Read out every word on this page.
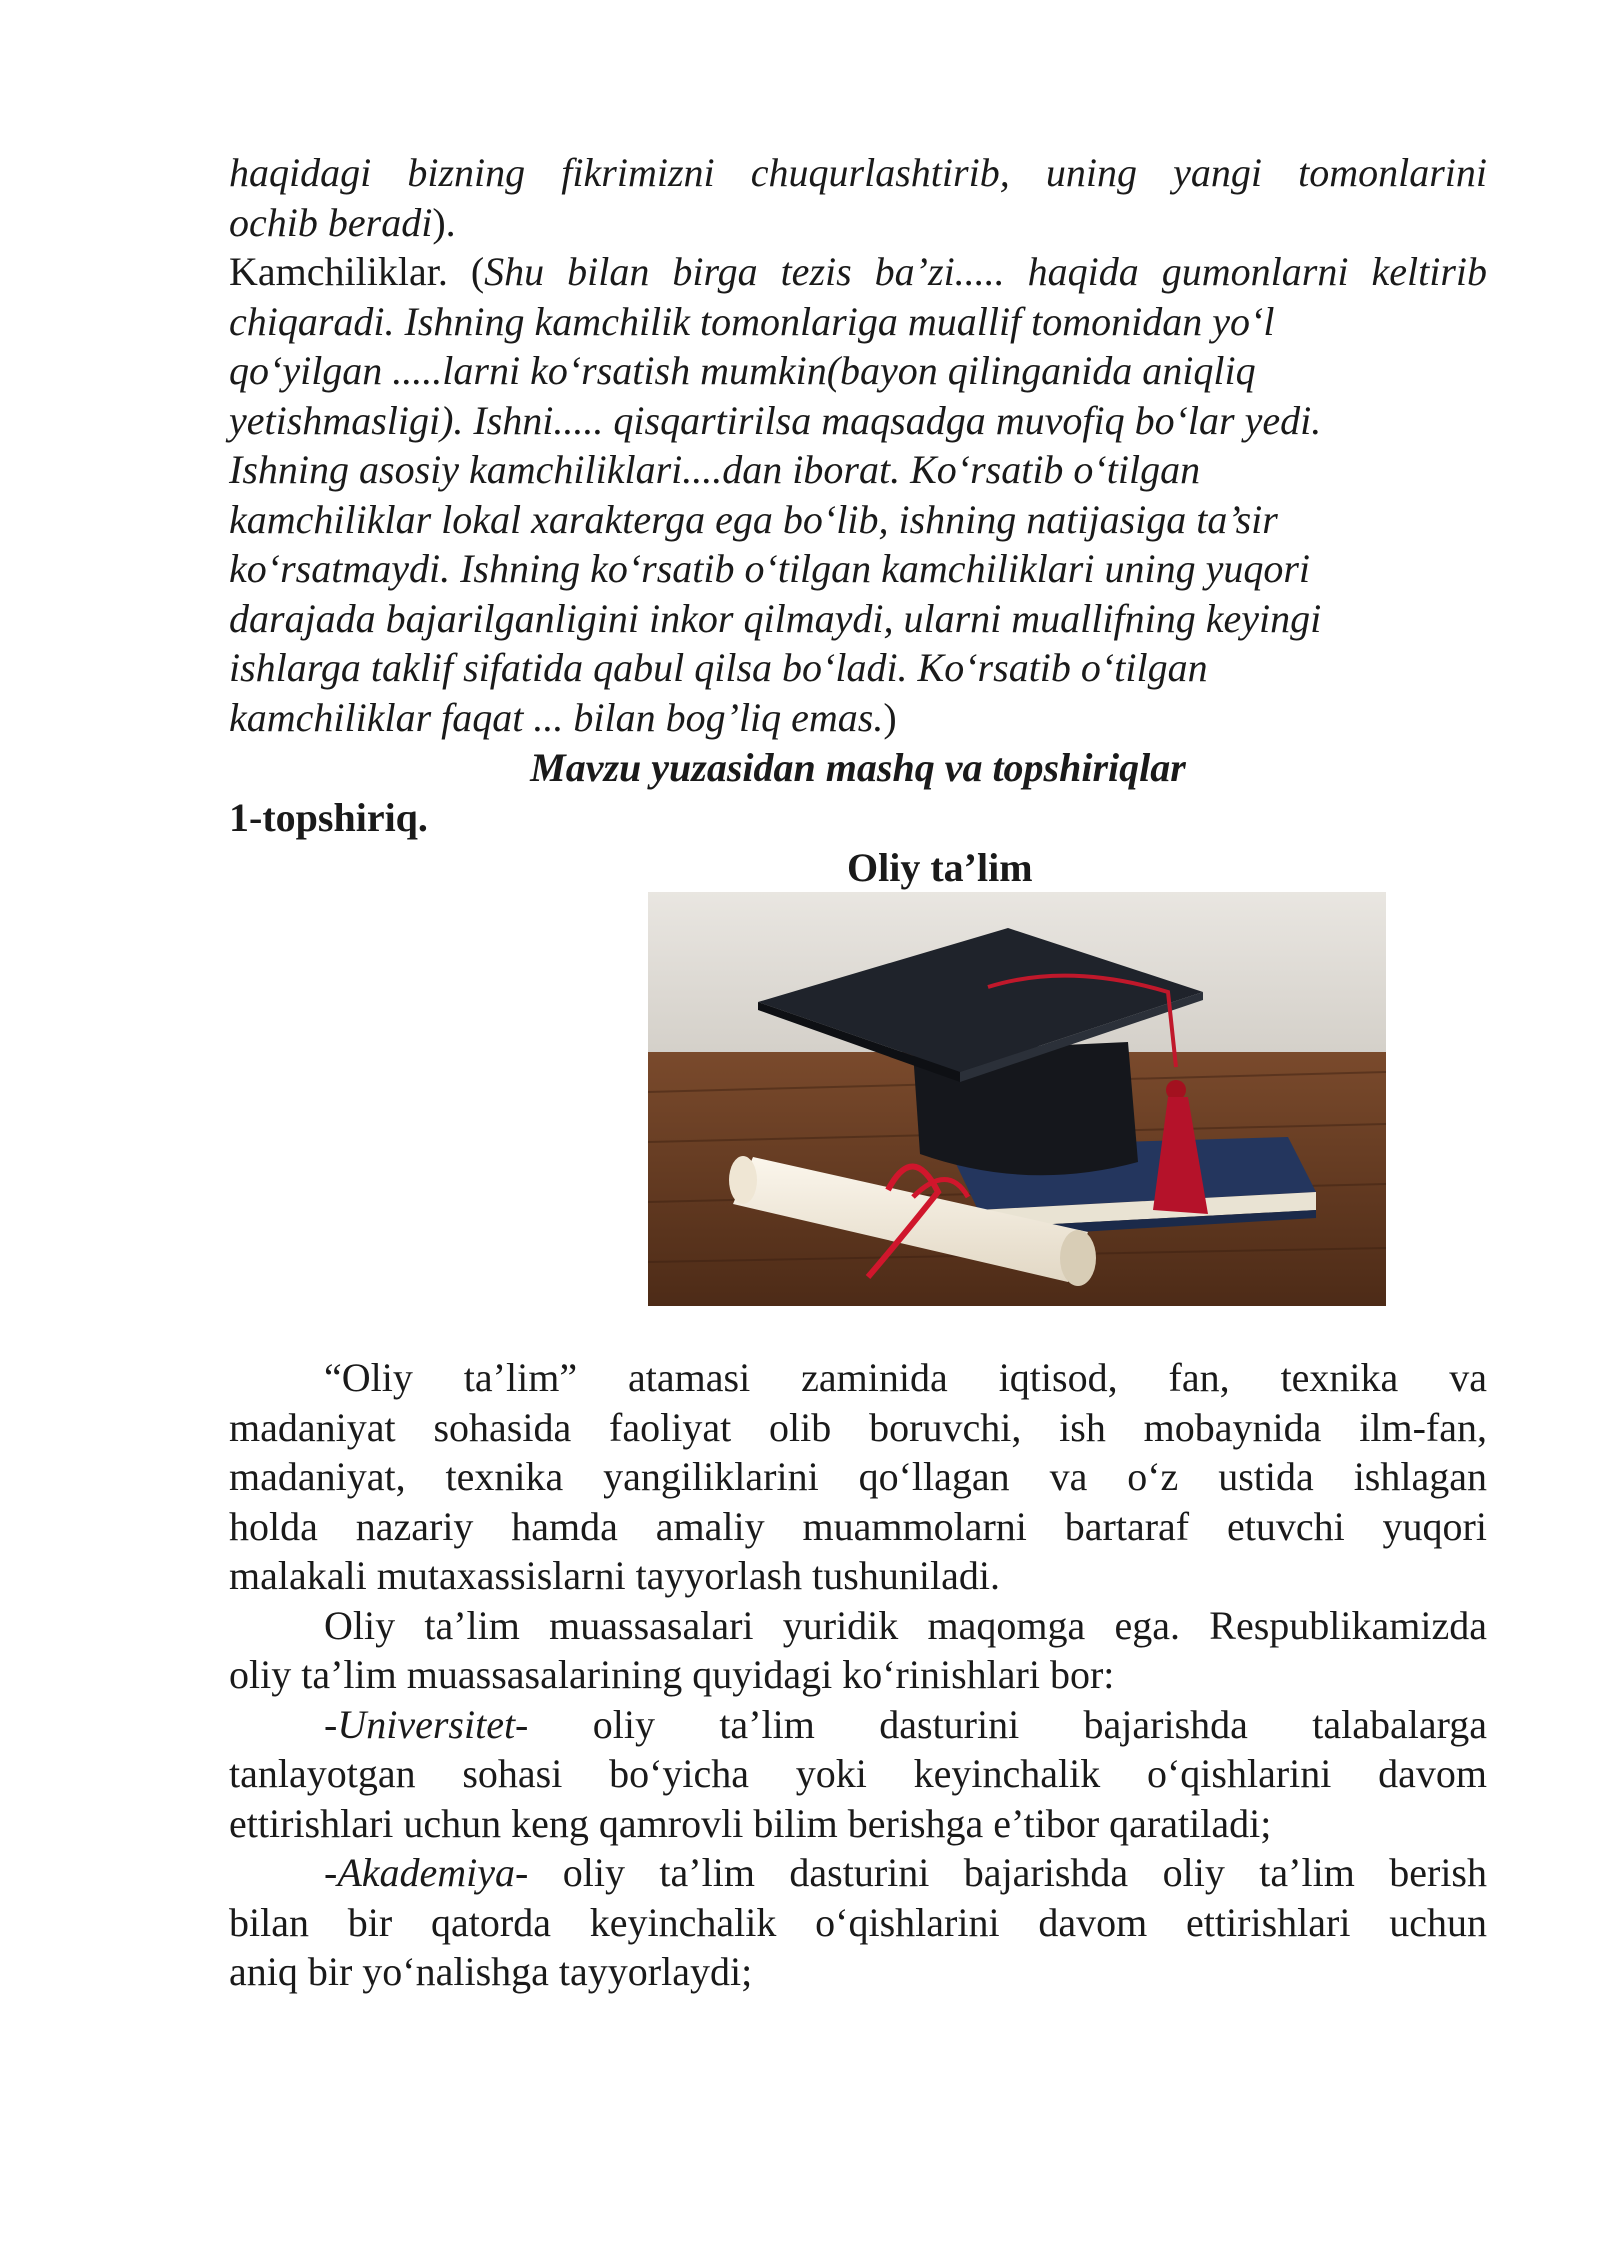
haqidagi bizning fikrimizni chuqurlashtirib, uning yangi tomonlarini
ochib beradi).
Kamchiliklar. (Shu bilan birga tezis ba’zi..... haqida gumonlarni keltirib
chiqaradi. Ishning kamchilik tomonlariga muallif tomonidan yo‘l
qo‘yilgan .....larni ko‘rsatish mumkin(bayon qilinganida aniqliq
yetishmasligi). Ishni..... qisqartirilsa maqsadga muvofiq bo‘lar yedi.
Ishning asosiy kamchiliklari....dan iborat. Ko‘rsatib o‘tilgan
kamchiliklar lokal xarakterga ega bo‘lib, ishning natijasiga ta’sir
ko‘rsatmaydi. Ishning ko‘rsatib o‘tilgan kamchiliklari uning yuqori
darajada bajarilganligini inkor qilmaydi, ularni muallifning keyingi
ishlarga taklif sifatida qabul qilsa bo‘ladi. Ko‘rsatib o‘tilgan
kamchiliklar faqat ... bilan bog’liq emas.)
Mavzu yuzasidan mashq va topshiriqlar
1-topshiriq.
Oliy ta’lim
“Oliy ta’lim” atamasi zaminida iqtisod, fan, texnika va
madaniyat sohasida faoliyat olib boruvchi, ish mobaynida ilm-fan,
madaniyat, texnika yangiliklarini qo‘llagan va o‘z ustida ishlagan
holda nazariy hamda amaliy muammolarni bartaraf etuvchi yuqori
malakali mutaxassislarni tayyorlash tushuniladi.
Oliy ta’lim muassasalari yuridik maqomga ega. Respublikamizda
oliy ta’lim muassasalarining quyidagi ko‘rinishlari bor:
-Universitet- oliy ta’lim dasturini bajarishda talabalarga
tanlayotgan sohasi bo‘yicha yoki keyinchalik o‘qishlarini davom
ettirishlari uchun keng qamrovli bilim berishga e’tibor qaratiladi;
-Akademiya- oliy ta’lim dasturini bajarishda oliy ta’lim berish
bilan bir qatorda keyinchalik o‘qishlarini davom ettirishlari uchun
aniq bir yo‘nalishga tayyorlaydi;
